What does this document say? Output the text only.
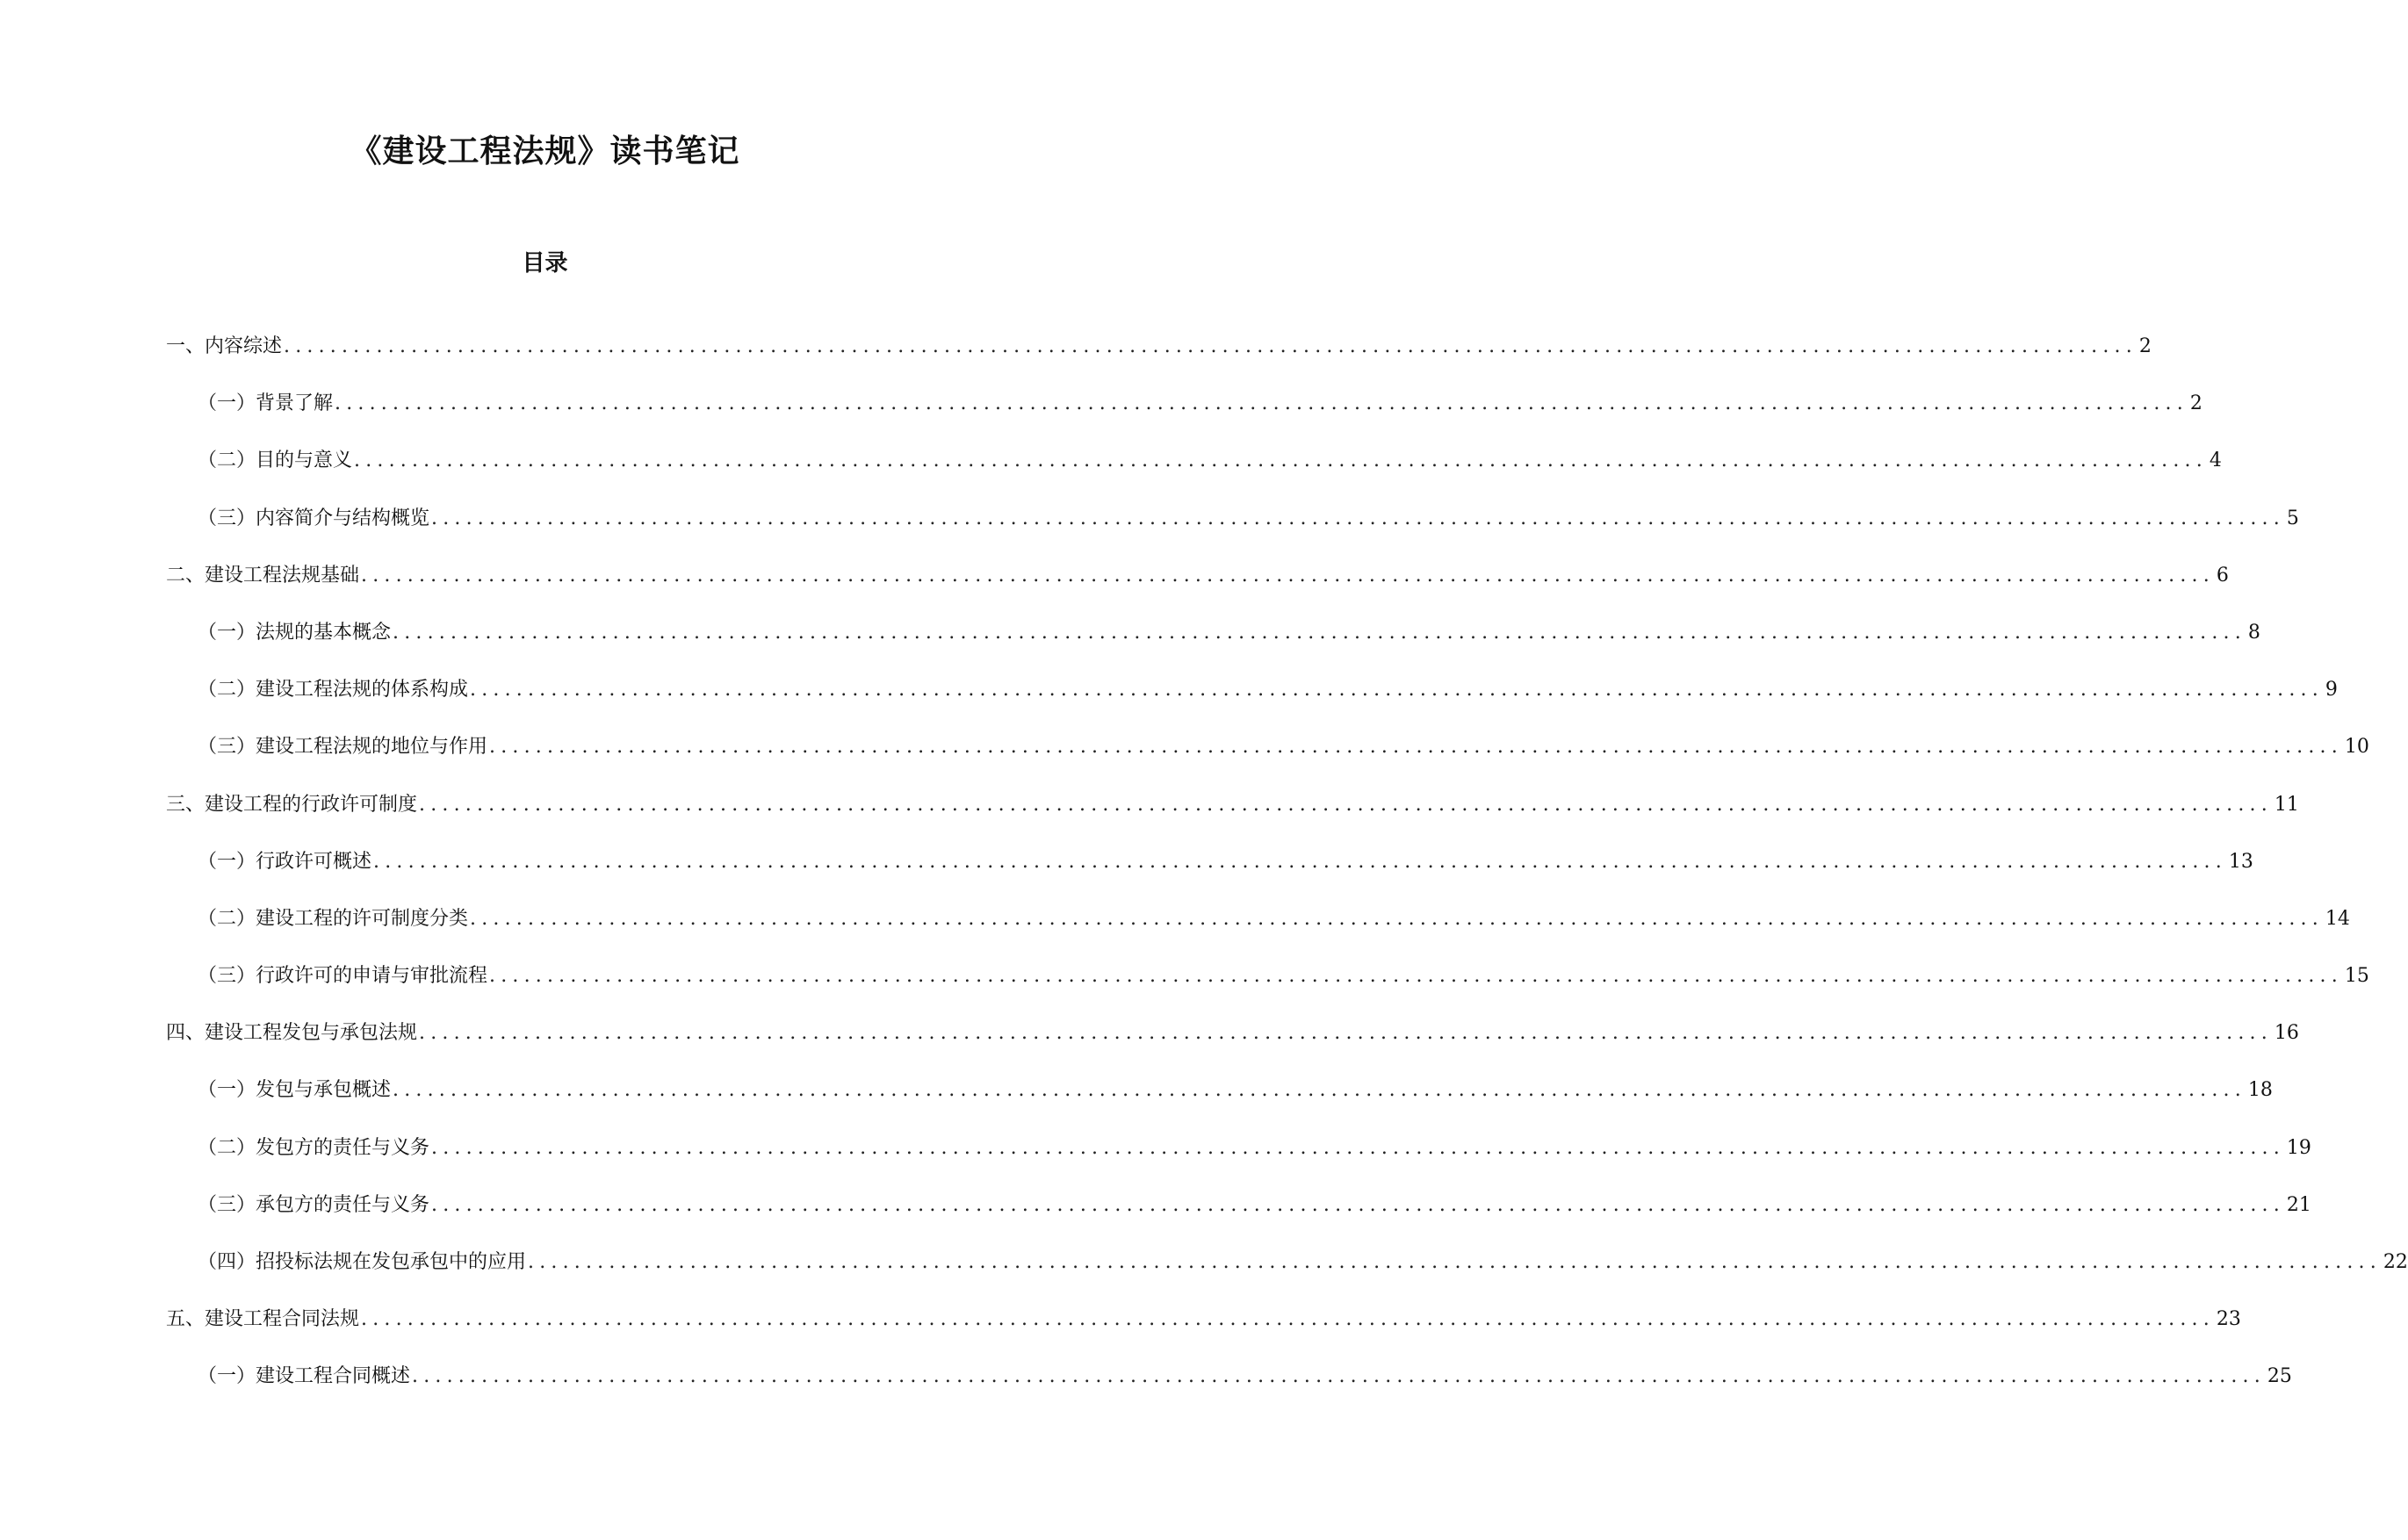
《建设工程法规》读书笔记
目录
一、内容综述 ................................................................................................................................................................ 2
（一）背景了解 ................................................................................................................................................................ 2
（二）目的与意义 ................................................................................................................................................................ 4
（三）内容简介与结构概览 ................................................................................................................................................................ 5
二、建设工程法规基础 ................................................................................................................................................................ 6
（一）法规的基本概念 ................................................................................................................................................................ 8
（二）建设工程法规的体系构成 ................................................................................................................................................................ 9
（三）建设工程法规的地位与作用 ................................................................................................................................................................ 10
三、建设工程的行政许可制度 ................................................................................................................................................................ 11
（一）行政许可概述 ................................................................................................................................................................ 13
（二）建设工程的许可制度分类 ................................................................................................................................................................ 14
（三）行政许可的申请与审批流程 ................................................................................................................................................................ 15
四、建设工程发包与承包法规 ................................................................................................................................................................ 16
（一）发包与承包概述 ................................................................................................................................................................ 18
（二）发包方的责任与义务 ................................................................................................................................................................ 19
（三）承包方的责任与义务 ................................................................................................................................................................ 21
（四）招投标法规在发包承包中的应用 ................................................................................................................................................................ 22
五、建设工程合同法规 ................................................................................................................................................................ 23
（一）建设工程合同概述 ................................................................................................................................................................ 25
